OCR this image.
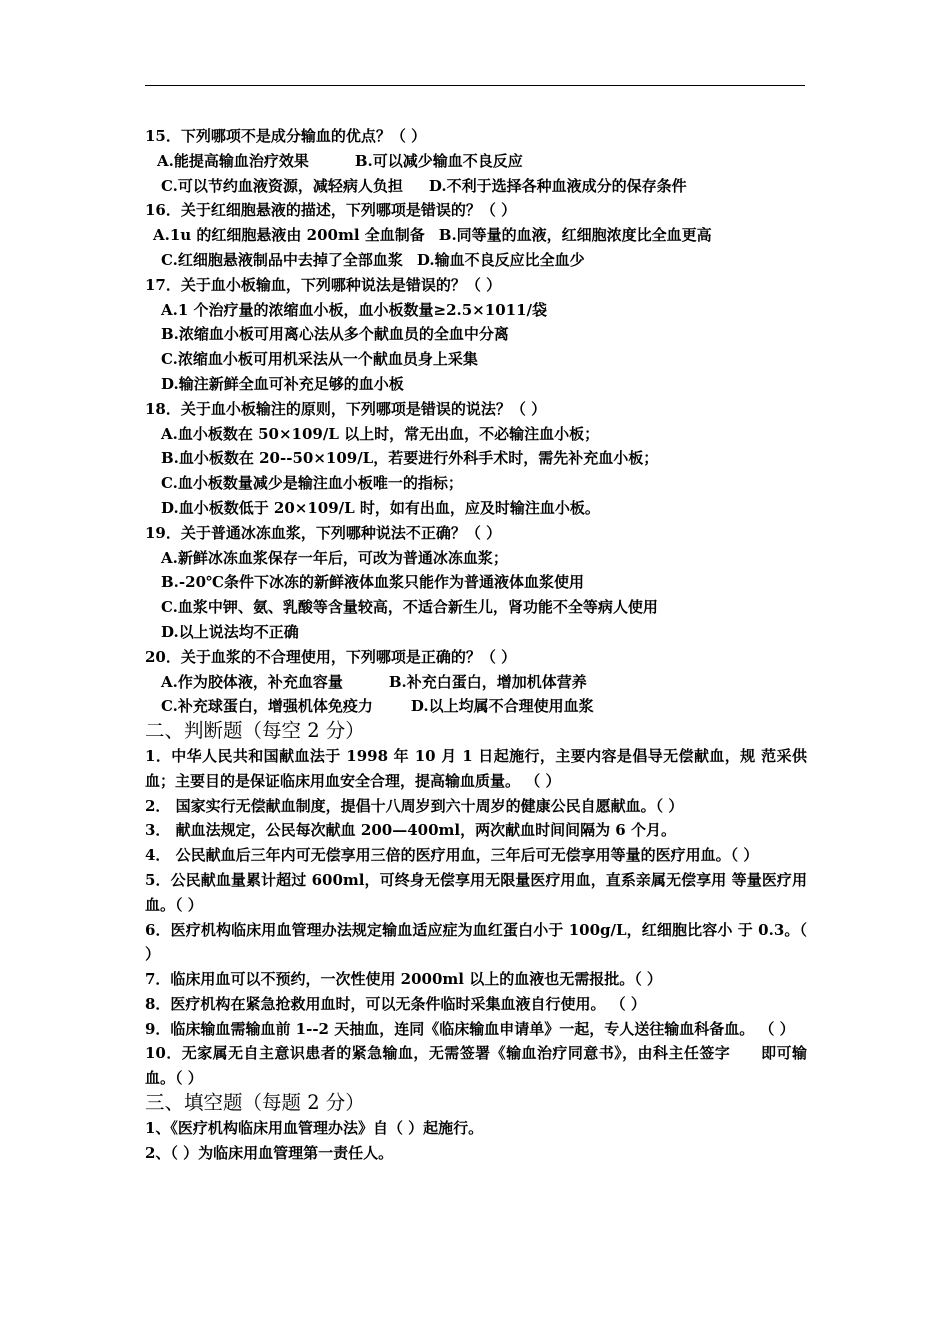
15．下列哪项不是成分输血的优点？（ ）
A.能提高输血治疗效果	B.可以减少输血不良反应
C.可以节约血液资源，减轻病人负担 D.不利于选择各种血液成分的保存条件
16．关于红细胞悬液的描述，下列哪项是错误的？（ ）
A.1u 的红细胞悬液由 200ml 全血制备 B.同等量的血液，红细胞浓度比全血更高
C.红细胞悬液制品中去掉了全部血浆 D.输血不良反应比全血少
17．关于血小板输血，下列哪种说法是错误的？（ ）
A.1 个治疗量的浓缩血小板，血小板数量≥2.5×1011/袋
B.浓缩血小板可用离心法从多个献血员的全血中分离
C.浓缩血小板可用机采法从一个献血员身上采集
D.输注新鲜全血可补充足够的血小板
18．关于血小板输注的原则，下列哪项是错误的说法？（ ）
A.血小板数在 50×109/L 以上时，常无出血，不必输注血小板；
B.血小板数在 20--50×109/L，若要进行外科手术时，需先补充血小板；
C.血小板数量减少是输注血小板唯一的指标；
D.血小板数低于 20×109/L 时，如有出血，应及时输注血小板。
19．关于普通冰冻血浆，下列哪种说法不正确？（ ）
A.新鲜冰冻血浆保存一年后，可改为普通冰冻血浆；
B.-20℃条件下冰冻的新鲜液体血浆只能作为普通液体血浆使用
C.血浆中钾、氨、乳酸等含量较高，不适合新生儿，肾功能不全等病人使用
D.以上说法均不正确
20．关于血浆的不合理使用，下列哪项是正确的？（ ）
A.作为胶体液，补充血容量	B.补充白蛋白，增加机体营养
C.补充球蛋白，增强机体免疫力	D.以上均属不合理使用血浆
二、判断题（每空 2 分）
1．中华人民共和国献血法于 1998 年 10 月 1 日起施行，主要内容是倡导无偿献血，规 范采供血；主要目的是保证临床用血安全合理，提高输血质量。 （ ）
2． 国家实行无偿献血制度，提倡十八周岁到六十周岁的健康公民自愿献血。（ ）
3． 献血法规定，公民每次献血 200—400ml，两次献血时间间隔为 6 个月。
4． 公民献血后三年内可无偿享用三倍的医疗用血，三年后可无偿享用等量的医疗用血。（ ）
5．公民献血量累计超过 600ml，可终身无偿享用无限量医疗用血，直系亲属无偿享用 等量医疗用血。（ ）
6．医疗机构临床用血管理办法规定输血适应症为血红蛋白小于 100g/L，红细胞比容小 于 0.3。（ ）
7．临床用血可以不预约，一次性使用 2000ml 以上的血液也无需报批。（ ）
8．医疗机构在紧急抢救用血时，可以无条件临时采集血液自行使用。 （ ）
9．临床输血需输血前 1--2 天抽血，连同《临床输血申请单》一起，专人送往输血科备血。 （ ）
10．无家属无自主意识患者的紧急输血，无需签署《输血治疗同意书》，由科主任签字　　即可输血。（ ）
三、填空题（每题 2 分）
1、《医疗机构临床用血管理办法》自（ ）起施行。
2、（ ）为临床用血管理第一责任人。
